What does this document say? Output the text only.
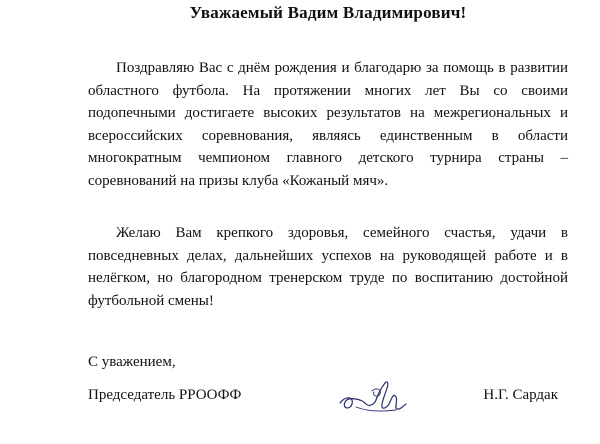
Уважаемый Вадим Владимирович!

Поздравляю Вас с днём рождения и благодарю за помощь в развитии областного футбола. На протяжении многих лет Вы со своими подопечными достигаете высоких результатов на межрегиональных и всероссийских соревнования, являясь единственным в области многократным чемпионом главного детского турнира страны – соревнований на призы клуба «Кожаный мяч».

Желаю Вам крепкого здоровья, семейного счастья, удачи в повседневных делах, дальнейших успехов на руководящей работе и в нелёгком, но благородном тренерском труде по воспитанию достойной футбольной смены!

С уважением,
Председатель РРООФФ	Н.Г. Сардак
